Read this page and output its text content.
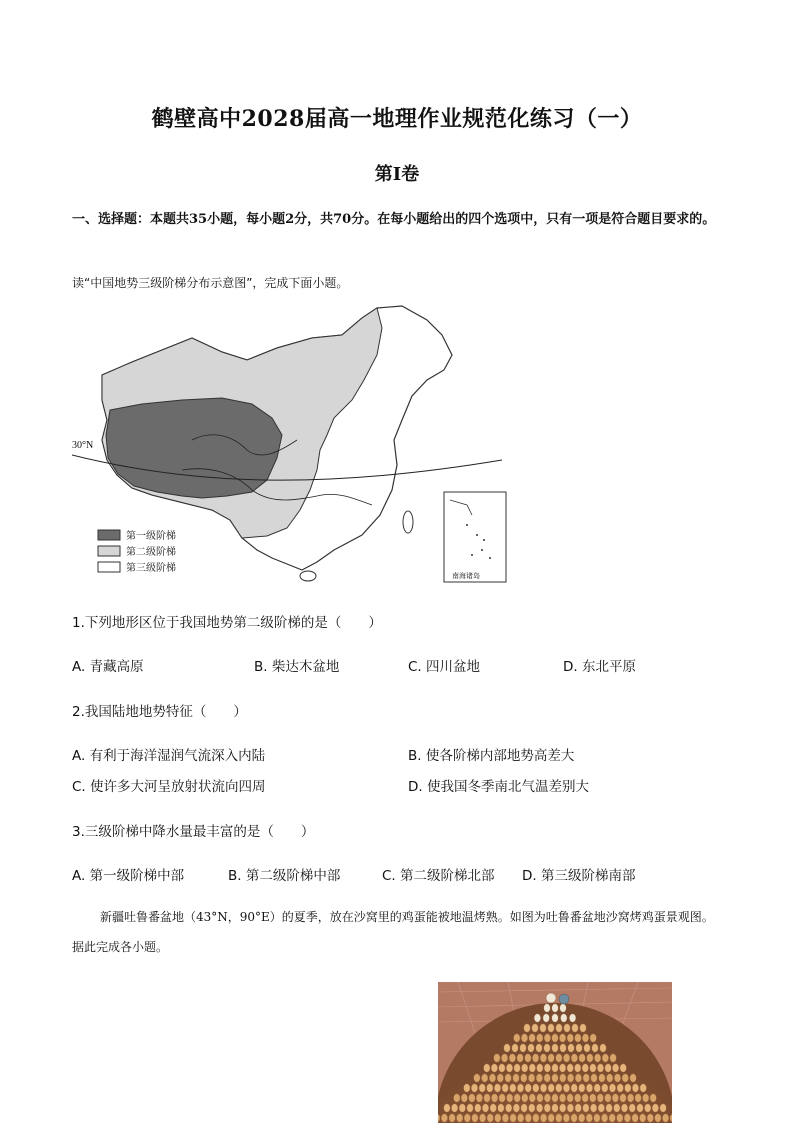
鹤壁高中2028届高一地理作业规范化练习（一）
第Ⅰ卷
一、选择题：本题共35小题，每小题2分，共70分。在每小题给出的四个选项中，只有一项是符合题目要求的。
读“中国地势三级阶梯分布示意图”，完成下面小题。
30°N
南海诸岛
第一级阶梯
第二级阶梯
第三级阶梯
1.下列地形区位于我国地势第二级阶梯的是（　　）
A. 青藏高原	B. 柴达木盆地	C. 四川盆地	D. 东北平原
2.我国陆地地势特征（　　）
A. 有利于海洋湿润气流深入内陆	B. 使各阶梯内部地势高差大
C. 使许多大河呈放射状流向四周	D. 使我国冬季南北气温差别大
3.三级阶梯中降水量最丰富的是（　　）
A. 第一级阶梯中部	B. 第二级阶梯中部	C. 第二级阶梯北部 D. 第三级阶梯南部
新疆吐鲁番盆地（43°N，90°E）的夏季，放在沙窝里的鸡蛋能被地温烤熟。如图为吐鲁番盆地沙窝烤鸡蛋景观图。据此完成各小题。
